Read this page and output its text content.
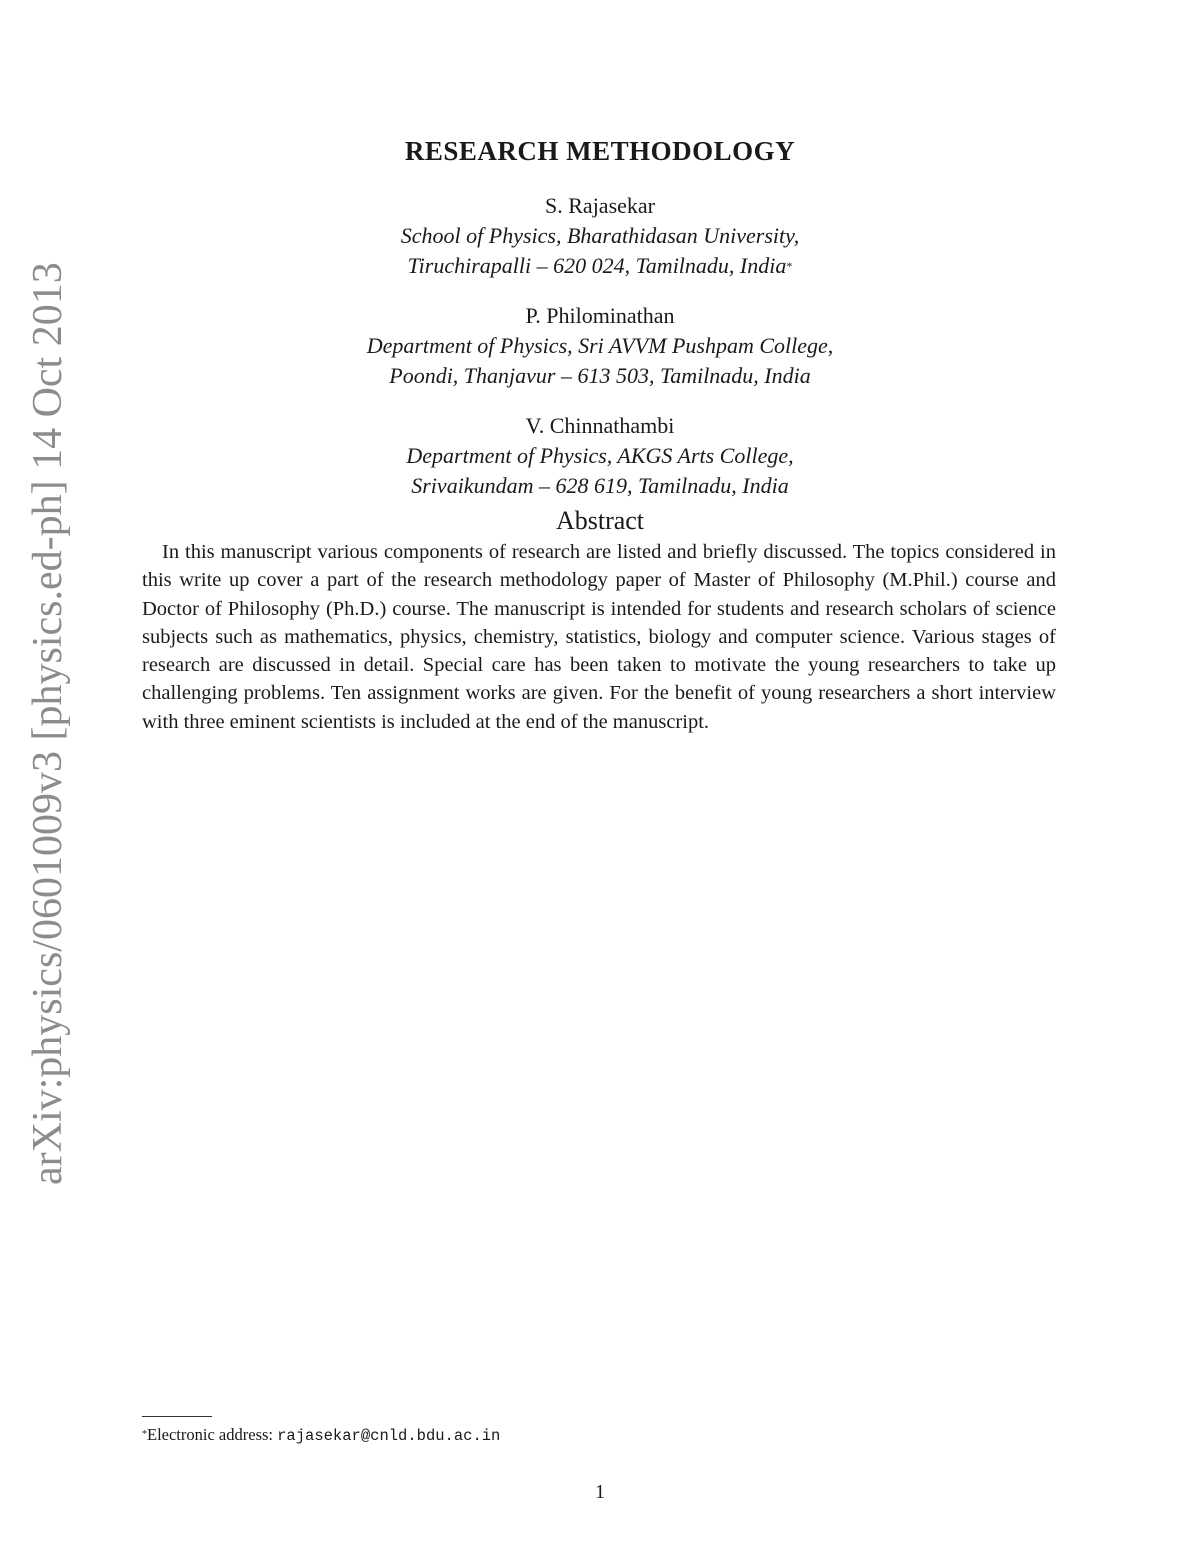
arXiv:physics/0601009v3 [physics.ed-ph] 14 Oct 2013
RESEARCH METHODOLOGY
S. Rajasekar
School of Physics, Bharathidasan University,
Tiruchirapalli – 620 024, Tamilnadu, India*
P. Philominathan
Department of Physics, Sri AVVM Pushpam College,
Poondi, Thanjavur – 613 503, Tamilnadu, India
V. Chinnathambi
Department of Physics, AKGS Arts College,
Srivaikundam – 628 619, Tamilnadu, India
Abstract

In this manuscript various components of research are listed and briefly discussed. The topics considered in this write up cover a part of the research methodology paper of Master of Philosophy (M.Phil.) course and Doctor of Philosophy (Ph.D.) course. The manuscript is intended for students and research scholars of science subjects such as mathematics, physics, chemistry, statistics, biology and computer science. Various stages of research are discussed in detail. Special care has been taken to motivate the young researchers to take up challenging problems. Ten assignment works are given. For the benefit of young researchers a short interview with three eminent scientists is included at the end of the manuscript.

*Electronic address: rajasekar@cnld.bdu.ac.in
1
